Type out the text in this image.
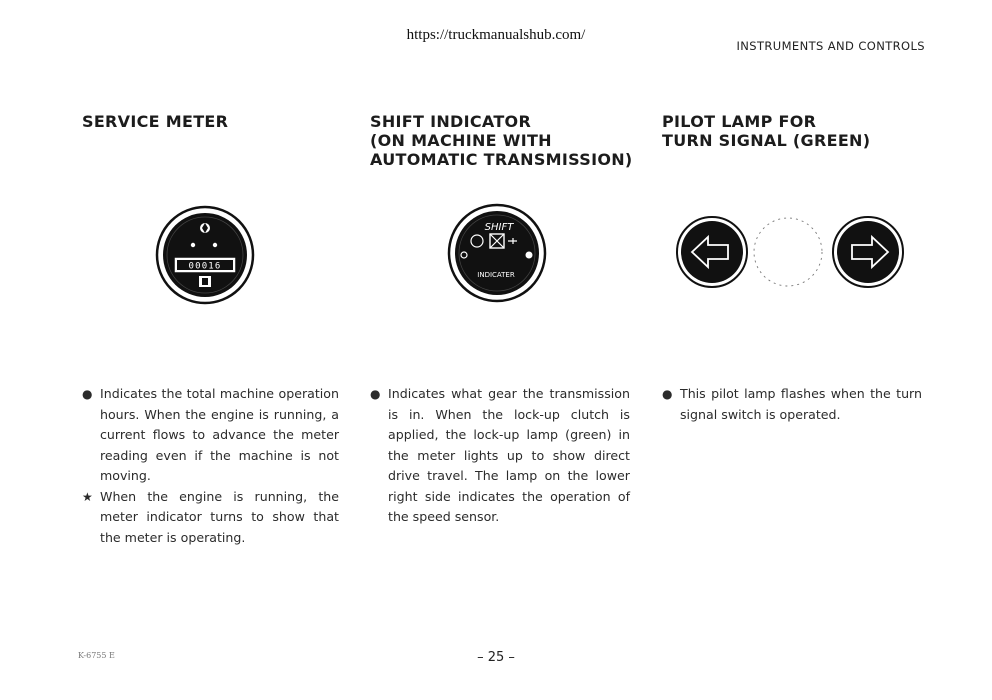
https://truckmanualshub.com/
INSTRUMENTS AND CONTROLS
SERVICE METER	SHIFT INDICATOR
(ON MACHINE WITH
AUTOMATIC TRANSMISSION)
PILOT LAMP FOR
TURN SIGNAL (GREEN)
00016
SHIFT
INDICATER
● Indicates the total machine operation hours. When the engine is running, a current flows to advance the meter reading even if the machine is not moving.
★ When the engine is running, the meter indicator turns to show that the meter is operating.
● Indicates what gear the transmission is in. When the lock-up clutch is applied, the lock-up lamp (green) in the meter lights up to show direct drive travel. The lamp on the lower right side indicates the operation of the speed sensor.
● This pilot lamp flashes when the turn signal switch is operated.
K-6755 E	– 25 –
